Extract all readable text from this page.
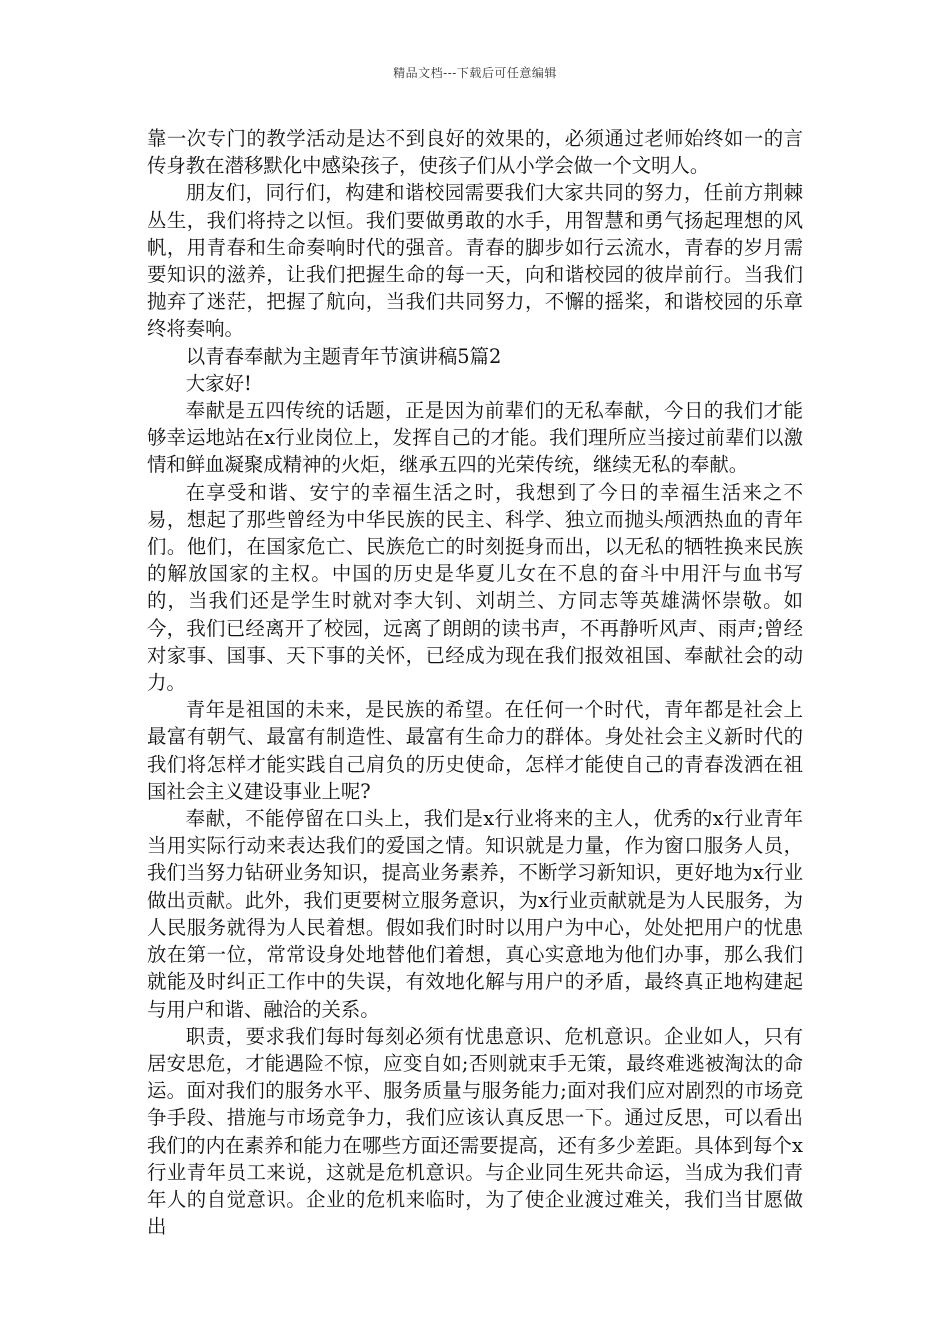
精品文档---下载后可任意编辑

靠一次专门的教学活动是达不到良好的效果的，必须通过老师始终如一的言传身教在潜移默化中感染孩子，使孩子们从小学会做一个文明人。

朋友们，同行们，构建和谐校园需要我们大家共同的努力，任前方荆棘丛生，我们将持之以恒。我们要做勇敢的水手，用智慧和勇气扬起理想的风帆，用青春和生命奏响时代的强音。青春的脚步如行云流水，青春的岁月需要知识的滋养，让我们把握生命的每一天，向和谐校园的彼岸前行。当我们抛弃了迷茫，把握了航向，当我们共同努力，不懈的摇桨，和谐校园的乐章终将奏响。

以青春奉献为主题青年节演讲稿5篇2

大家好!

奉献是五四传统的话题，正是因为前辈们的无私奉献，今日的我们才能够幸运地站在x行业岗位上，发挥自己的才能。我们理所应当接过前辈们以激情和鲜血凝聚成精神的火炬，继承五四的光荣传统，继续无私的奉献。

在享受和谐、安宁的幸福生活之时，我想到了今日的幸福生活来之不易，想起了那些曾经为中华民族的民主、科学、独立而抛头颅洒热血的青年们。他们，在国家危亡、民族危亡的时刻挺身而出，以无私的牺牲换来民族的解放国家的主权。中国的历史是华夏儿女在不息的奋斗中用汗与血书写的，当我们还是学生时就对李大钊、刘胡兰、方同志等英雄满怀崇敬。如今，我们已经离开了校园，远离了朗朗的读书声，不再静听风声、雨声;曾经对家事、国事、天下事的关怀，已经成为现在我们报效祖国、奉献社会的动力。

青年是祖国的未来，是民族的希望。在任何一个时代，青年都是社会上最富有朝气、最富有制造性、最富有生命力的群体。身处社会主义新时代的我们将怎样才能实践自己肩负的历史使命，怎样才能使自己的青春泼洒在祖国社会主义建设事业上呢?

奉献，不能停留在口头上，我们是x行业将来的主人，优秀的x行业青年当用实际行动来表达我们的爱国之情。知识就是力量，作为窗口服务人员，我们当努力钻研业务知识，提高业务素养，不断学习新知识，更好地为x行业做出贡献。此外，我们更要树立服务意识，为x行业贡献就是为人民服务，为人民服务就得为人民着想。假如我们时时以用户为中心，处处把用户的忧患放在第一位，常常设身处地替他们着想，真心实意地为他们办事，那么我们就能及时纠正工作中的失误，有效地化解与用户的矛盾，最终真正地构建起与用户和谐、融洽的关系。

职责，要求我们每时每刻必须有忧患意识、危机意识。企业如人，只有居安思危，才能遇险不惊，应变自如;否则就束手无策，最终难逃被淘汰的命运。面对我们的服务水平、服务质量与服务能力;面对我们应对剧烈的市场竞争手段、措施与市场竞争力，我们应该认真反思一下。通过反思，可以看出我们的内在素养和能力在哪些方面还需要提高，还有多少差距。具体到每个x行业青年员工来说，这就是危机意识。与企业同生死共命运，当成为我们青年人的自觉意识。企业的危机来临时，为了使企业渡过难关，我们当甘愿做出
